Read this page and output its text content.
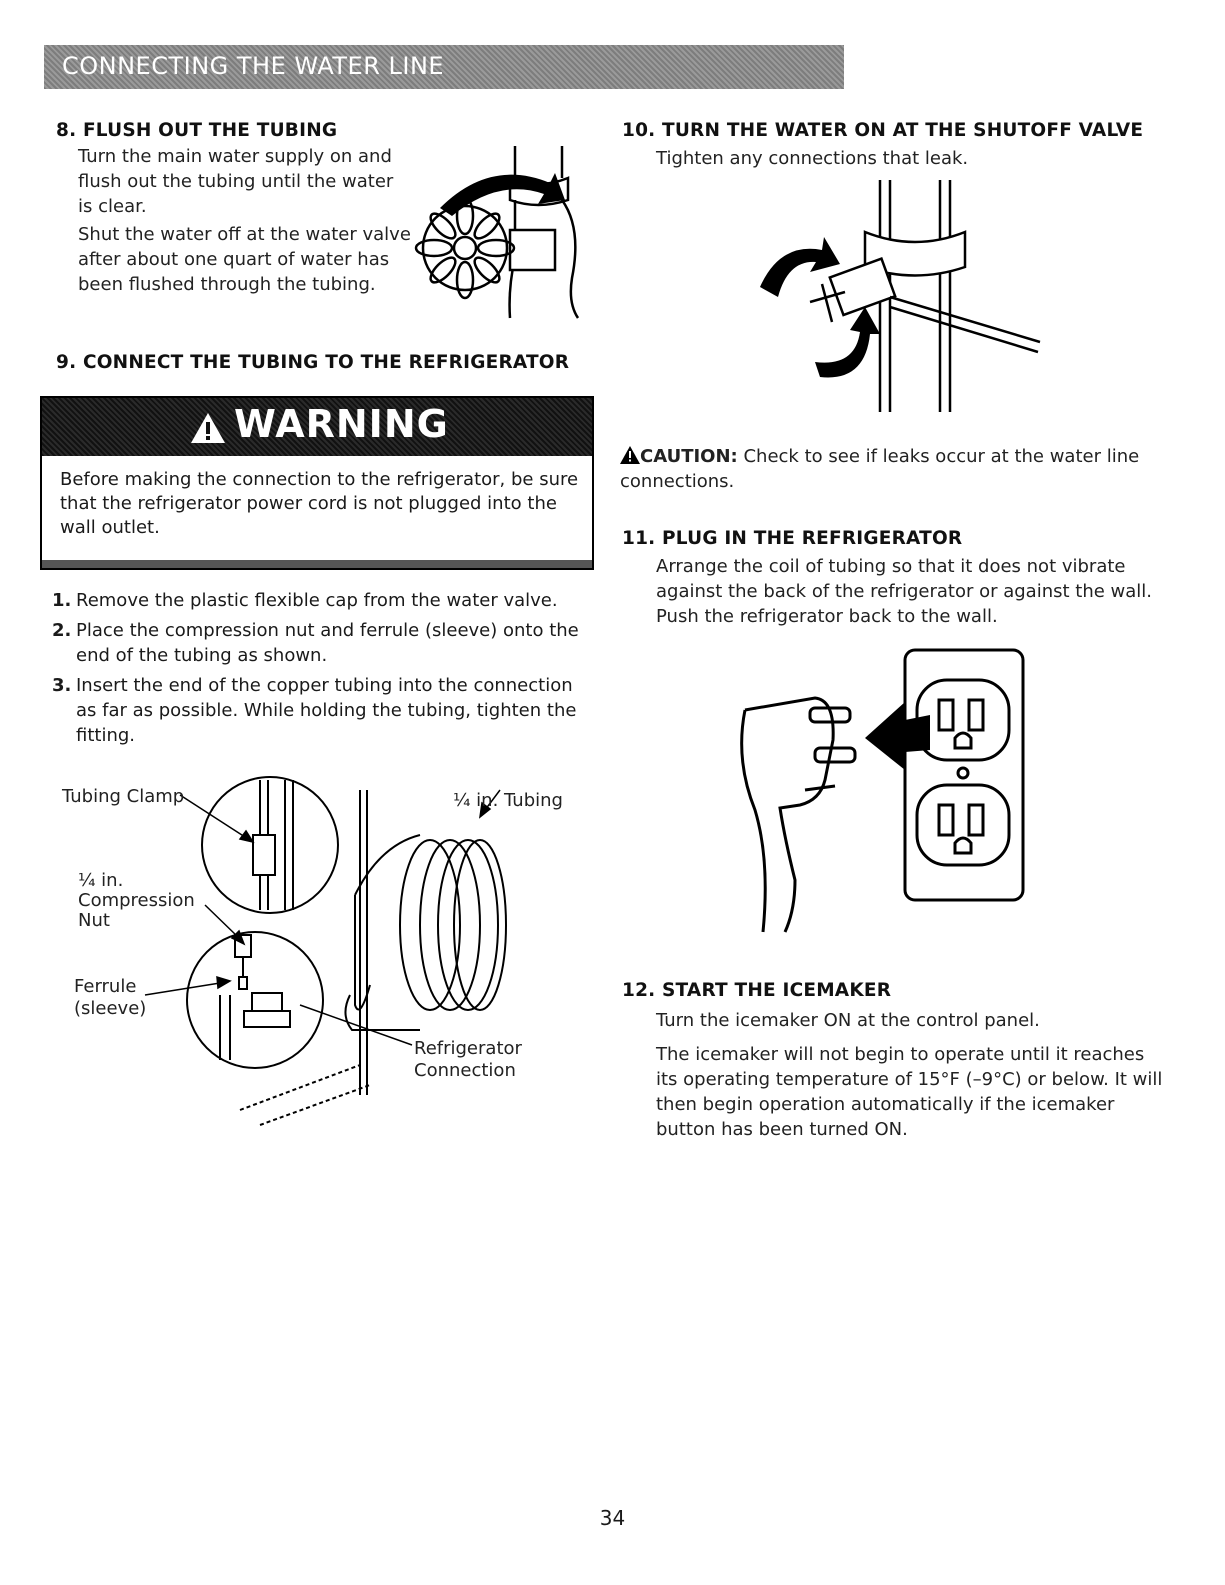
CONNECTING THE WATER LINE
8. FLUSH OUT THE TUBING
Turn the main water supply on and flush out the tubing until the water is clear.
Shut the water off at the water valve after about one quart of water has been flushed through the tubing.
9. CONNECT THE TUBING TO THE REFRIGERATOR
WARNING
Before making the connection to the refrigerator, be sure that the refrigerator power cord is not plugged into the wall outlet.
1. Remove the plastic flexible cap from the water valve.
2. Place the compression nut and ferrule (sleeve) onto the end of the tubing as shown.
3. Insert the end of the copper tubing into the connection as far as possible. While holding the tubing, tighten the fitting.
Tubing Clamp	¼ in. Tubing
¼ in.
Compression
Nut
Ferrule
(sleeve)
Refrigerator
Connection
10. TURN THE WATER ON AT THE SHUTOFF VALVE
Tighten any connections that leak.
CAUTION: Check to see if leaks occur at the water line connections.
11. PLUG IN THE REFRIGERATOR
Arrange the coil of tubing so that it does not vibrate against the back of the refrigerator or against the wall. Push the refrigerator back to the wall.
12. START THE ICEMAKER
Turn the icemaker ON at the control panel.
The icemaker will not begin to operate until it reaches its operating temperature of 15°F (–9°C) or below. It will then begin operation automatically if the icemaker button has been turned ON.
34
